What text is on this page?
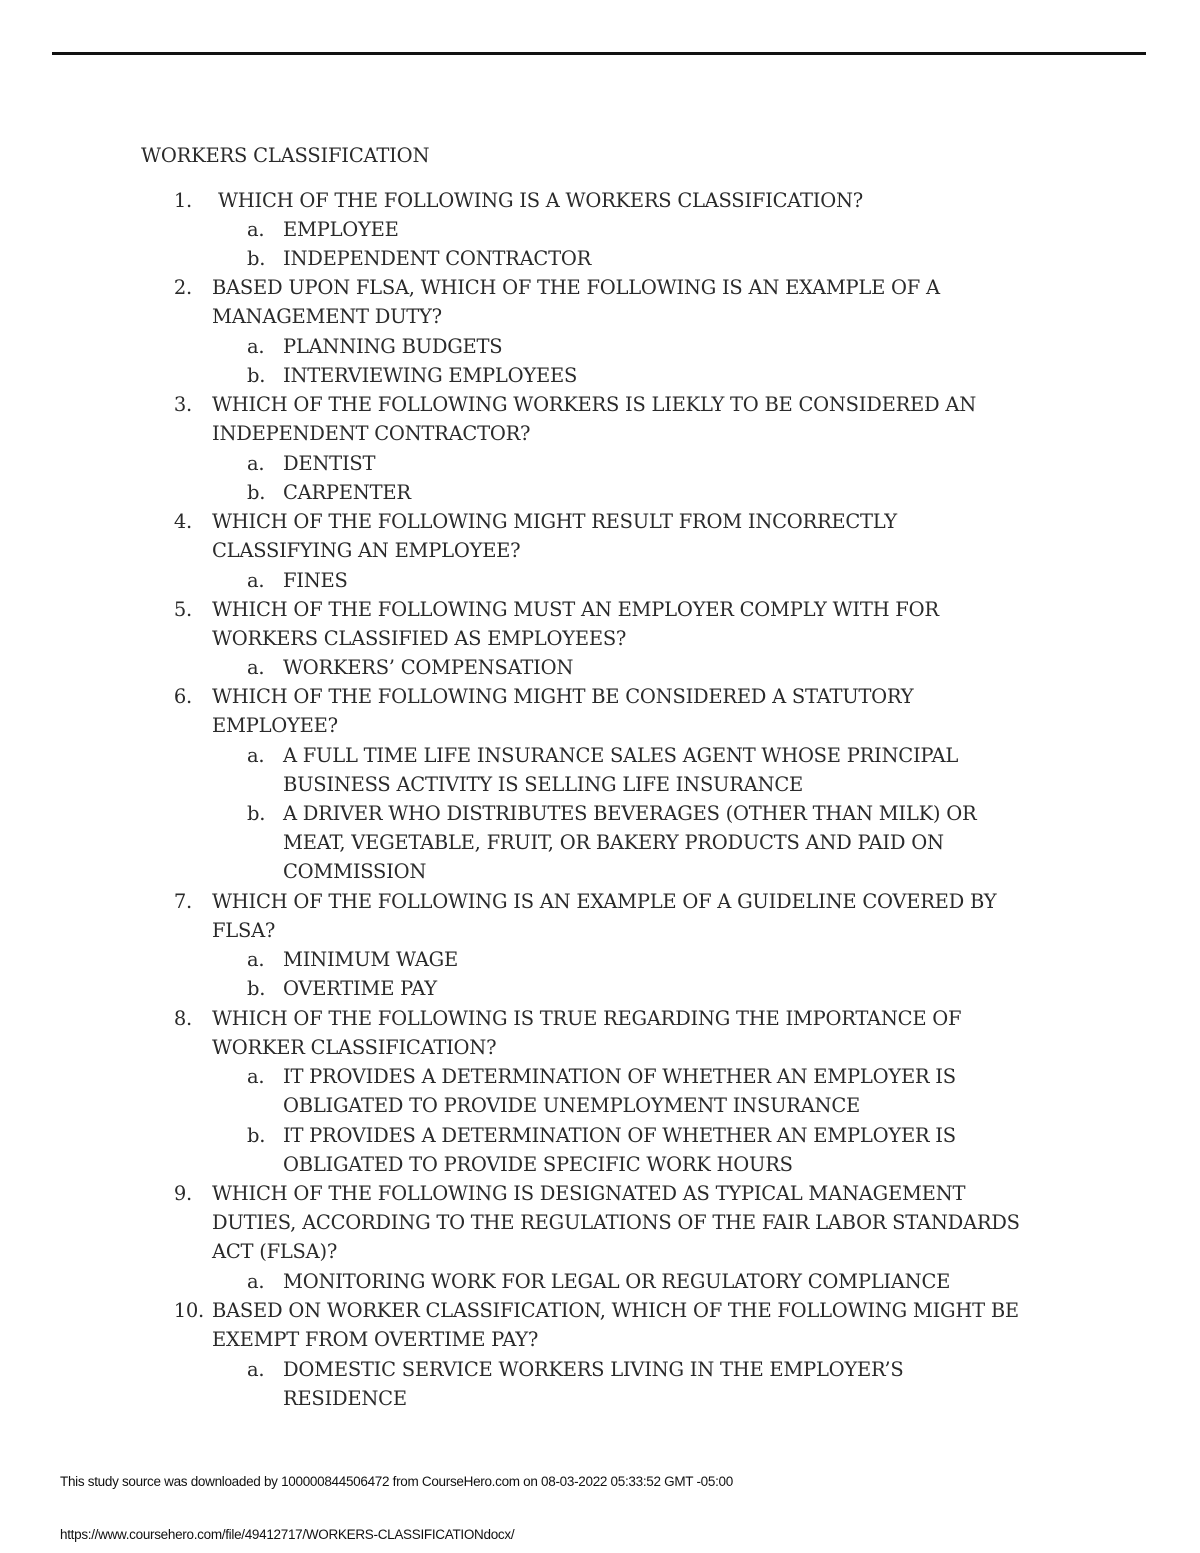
WORKERS CLASSIFICATION
1. WHICH OF THE FOLLOWING IS A WORKERS CLASSIFICATION?
a. EMPLOYEE
b. INDEPENDENT CONTRACTOR
2. BASED UPON FLSA, WHICH OF THE FOLLOWING IS AN EXAMPLE OF A MANAGEMENT DUTY?
a. PLANNING BUDGETS
b. INTERVIEWING EMPLOYEES
3. WHICH OF THE FOLLOWING WORKERS IS LIEKLY TO BE CONSIDERED AN INDEPENDENT CONTRACTOR?
a. DENTIST
b. CARPENTER
4. WHICH OF THE FOLLOWING MIGHT RESULT FROM INCORRECTLY CLASSIFYING AN EMPLOYEE?
a. FINES
5. WHICH OF THE FOLLOWING MUST AN EMPLOYER COMPLY WITH FOR WORKERS CLASSIFIED AS EMPLOYEES?
a. WORKERS’ COMPENSATION
6. WHICH OF THE FOLLOWING MIGHT BE CONSIDERED A STATUTORY EMPLOYEE?
a. A FULL TIME LIFE INSURANCE SALES AGENT WHOSE PRINCIPAL BUSINESS ACTIVITY IS SELLING LIFE INSURANCE
b. A DRIVER WHO DISTRIBUTES BEVERAGES (OTHER THAN MILK) OR MEAT, VEGETABLE, FRUIT, OR BAKERY PRODUCTS AND PAID ON COMMISSION
7. WHICH OF THE FOLLOWING IS AN EXAMPLE OF A GUIDELINE COVERED BY FLSA?
a. MINIMUM WAGE
b. OVERTIME PAY
8. WHICH OF THE FOLLOWING IS TRUE REGARDING THE IMPORTANCE OF WORKER CLASSIFICATION?
a. IT PROVIDES A DETERMINATION OF WHETHER AN EMPLOYER IS OBLIGATED TO PROVIDE UNEMPLOYMENT INSURANCE
b. IT PROVIDES A DETERMINATION OF WHETHER AN EMPLOYER IS OBLIGATED TO PROVIDE SPECIFIC WORK HOURS
9. WHICH OF THE FOLLOWING IS DESIGNATED AS TYPICAL MANAGEMENT DUTIES, ACCORDING TO THE REGULATIONS OF THE FAIR LABOR STANDARDS ACT (FLSA)?
a. MONITORING WORK FOR LEGAL OR REGULATORY COMPLIANCE
10. BASED ON WORKER CLASSIFICATION, WHICH OF THE FOLLOWING MIGHT BE EXEMPT FROM OVERTIME PAY?
a. DOMESTIC SERVICE WORKERS LIVING IN THE EMPLOYER’S RESIDENCE
This study source was downloaded by 100000844506472 from CourseHero.com on 08-03-2022 05:33:52 GMT -05:00
https://www.coursehero.com/file/49412717/WORKERS-CLASSIFICATIONdocx/
